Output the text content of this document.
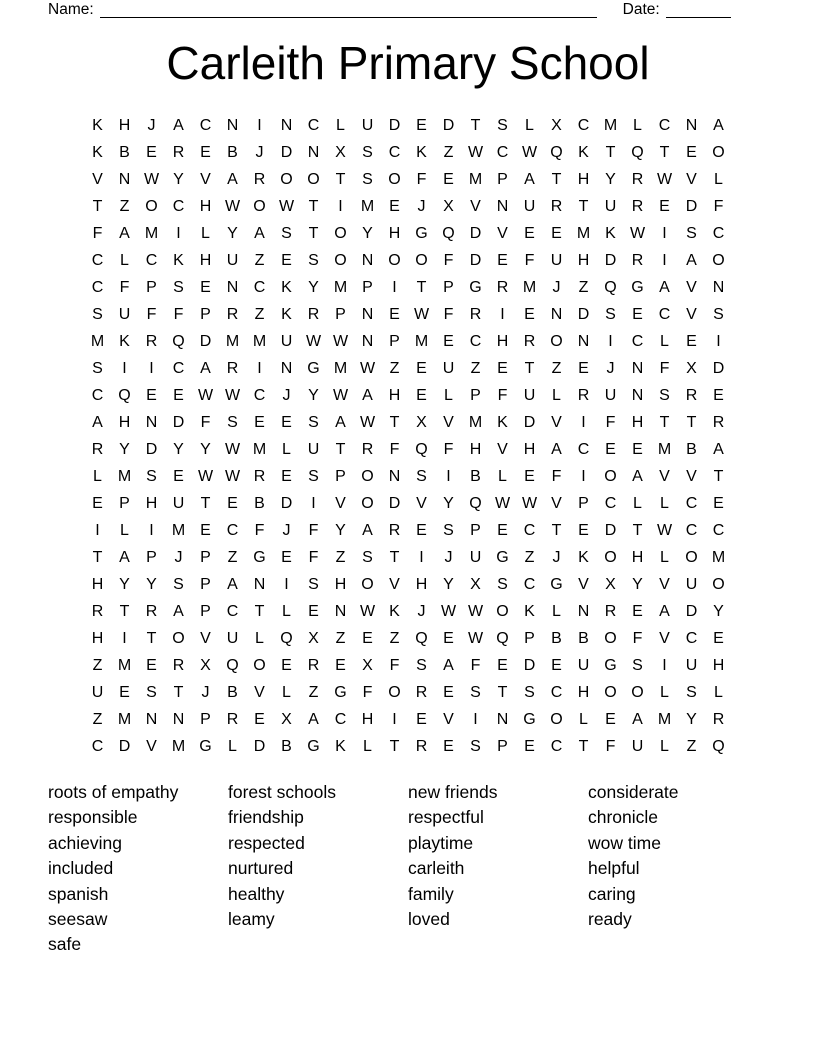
Name:	Date:
Carleith Primary School
K H	J	A C N	I	N C	L	U D E D	T	S	L	X C M L	C N A
K	B	E R E	B	J	D N X	S C K	Z W C W Q K	T Q T	E O
V N W Y	V	A R O O T	S O F	E M P	A	T	H Y R W V	L
T	Z O C H W O W T	I	M E	J	X	V N U R	T	U R E D	F
F	A M	I	L	Y	A	S	T O Y H G Q D V	E	E M K W	I	S C
C	L	C K H U	Z	E	S O N O O F	D E	F	U H D R	I	A O
C	F	P	S	E N C K	Y M P	I	T	P G R M	J	Z Q G A	V N
S U	F	F	P R	Z	K R P N E W F	R	I	E N D S	E C V	S
M K R Q D M M U W W N P M E C H R O N	I	C	L	E	I
S	I	I	C A R	I	N G M W Z	E U	Z	E	T	Z	E	J	N	F	X D
C Q E	E W W C	J	Y W A H E	L	P	F	U	L	R U N S R E
A H N D	F	S	E	E	S	A W T	X	V M K D V	I	F	H	T	T	R
R Y D Y	Y W M L	U	T	R	F Q F	H V H A C E	E M B	A
L M S	E W W R E	S	P O N S	I	B	L	E	F	I	O A	V	V	T
E	P H U	T	E	B D	I	V O D V	Y Q W W V	P C	L	L	C E
I	L	I	M E C	F	J	F	Y	A R E	S	P	E C	T	E D	T W C C
T	A	P	J	P	Z G E	F	Z	S	T	I	J	U G Z	J	K O H	L	O M
H Y	Y	S	P	A N	I	S H O V H Y	X	S C G V	X	Y	V U O
R	T	R A	P C	T	L	E N W K	J W W O K	L	N R E	A D Y
H	I	T O V U	L	Q X	Z	E	Z Q E W Q P	B	B O F	V C E
Z M E R X Q O E R E	X	F	S	A	F	E D E U G S	I	U H
U E	S	T	J	B	V	L	Z G F O R E	S	T	S C H O O	L	S	L
Z M N N P R E	X	A C H	I	E	V	I	N G O	L	E	A M Y R
C D V M G	L	D B G K	L	T	R E	S	P	E C	T	F	U	L	Z Q
roots of empathy
responsible
achieving
included
spanish
seesaw
safe
forest schools
friendship
respected
nurtured
healthy
leamy
new friends
respectful
playtime
carleith
family
loved
considerate
chronicle
wow time
helpful
caring
ready
